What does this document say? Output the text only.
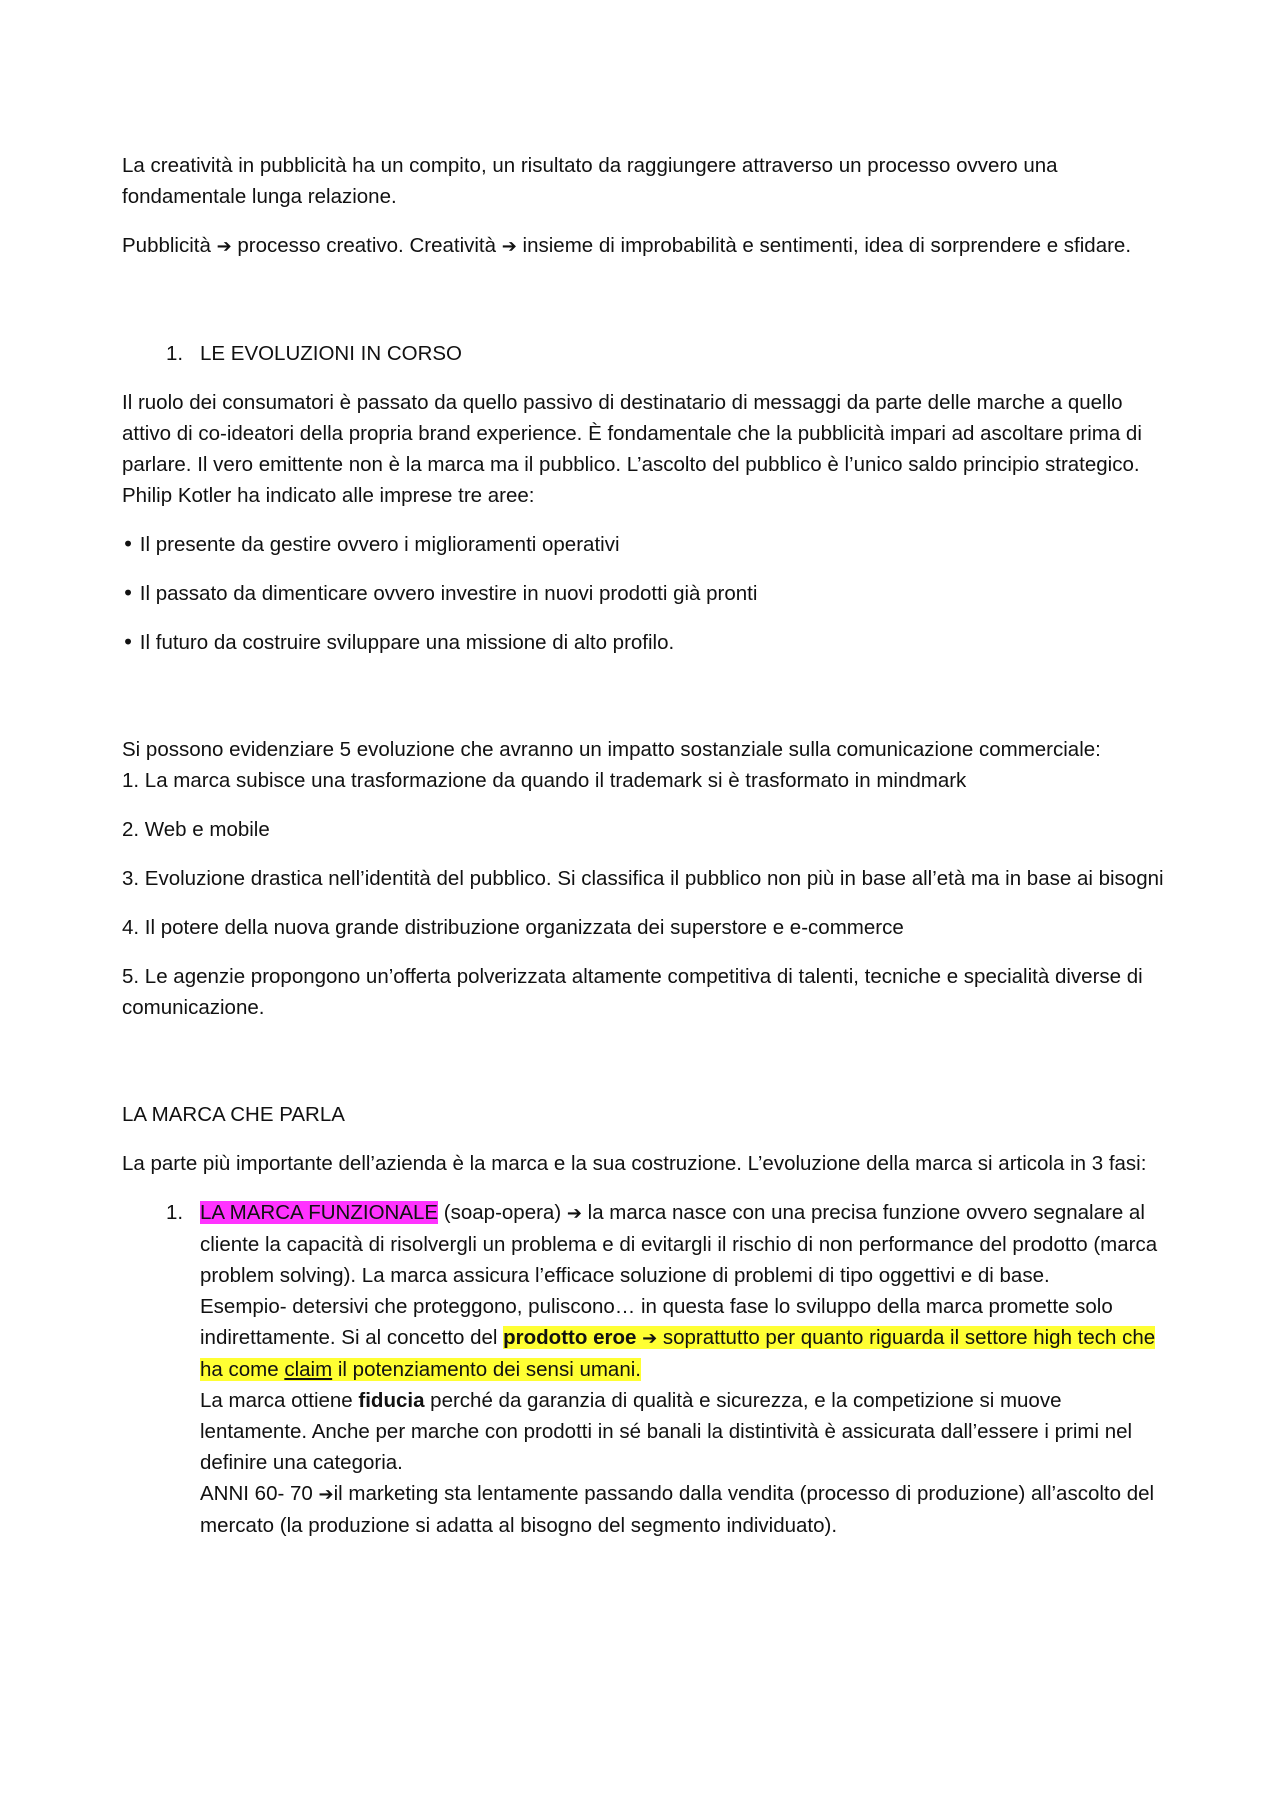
La creatività in pubblicità ha un compito, un risultato da raggiungere attraverso un processo ovvero una fondamentale lunga relazione.

Pubblicità ➔ processo creativo. Creatività ➔ insieme di improbabilità e sentimenti, idea di sorprendere e sfidare.

1. LE EVOLUZIONI IN CORSO

Il ruolo dei consumatori è passato da quello passivo di destinatario di messaggi da parte delle marche a quello attivo di co-ideatori della propria brand experience. È fondamentale che la pubblicità impari ad ascoltare prima di parlare. Il vero emittente non è la marca ma il pubblico. L’ascolto del pubblico è l’unico saldo principio strategico. Philip Kotler ha indicato alle imprese tre aree:

• Il presente da gestire ovvero i miglioramenti operativi

• Il passato da dimenticare ovvero investire in nuovi prodotti già pronti

• Il futuro da costruire sviluppare una missione di alto profilo.

Si possono evidenziare 5 evoluzione che avranno un impatto sostanziale sulla comunicazione commerciale:

1. La marca subisce una trasformazione da quando il trademark si è trasformato in mindmark

2. Web e mobile

3. Evoluzione drastica nell’identità del pubblico. Si classifica il pubblico non più in base all’età ma in base ai bisogni

4. Il potere della nuova grande distribuzione organizzata dei superstore e e-commerce

5. Le agenzie propongono un’offerta polverizzata altamente competitiva di talenti, tecniche e specialità diverse di comunicazione.

LA MARCA CHE PARLA

La parte più importante dell’azienda è la marca e la sua costruzione. L’evoluzione della marca si articola in 3 fasi:

1. LA MARCA FUNZIONALE (soap-opera) ➔ la marca nasce con una precisa funzione ovvero segnalare al cliente la capacità di risolvergli un problema e di evitargli il rischio di non performance del prodotto (marca problem solving). La marca assicura l’efficace soluzione di problemi di tipo oggettivi e di base.
Esempio- detersivi che proteggono, puliscono… in questa fase lo sviluppo della marca promette solo indirettamente. Si al concetto del prodotto eroe ➔ soprattutto per quanto riguarda il settore high tech che ha come claim il potenziamento dei sensi umani.
La marca ottiene fiducia perché da garanzia di qualità e sicurezza, e la competizione si muove lentamente. Anche per marche con prodotti in sé banali la distintività è assicurata dall’essere i primi nel definire una categoria.
ANNI 60- 70 ➔il marketing sta lentamente passando dalla vendita (processo di produzione) all’ascolto del mercato (la produzione si adatta al bisogno del segmento individuato).
